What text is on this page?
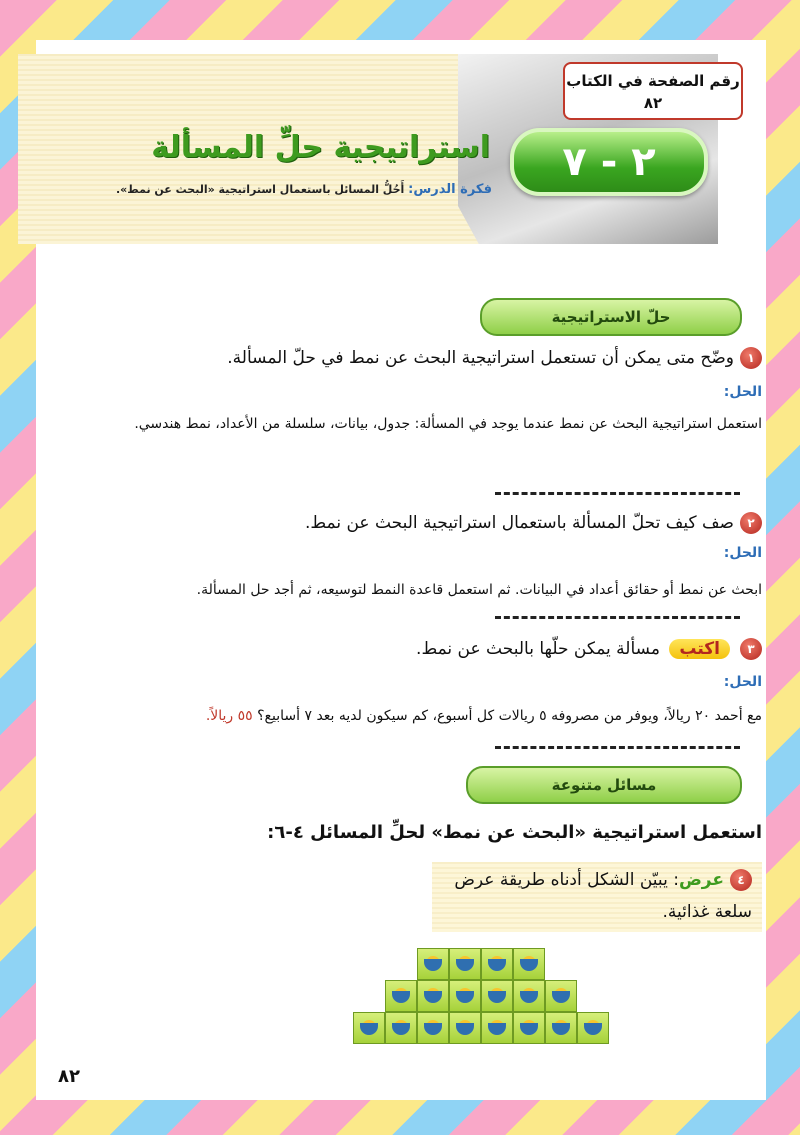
رقم الصفحة في الكتاب
٨٢
٢ - ٧
استراتيجية حلِّ المسألة
فكرة الدرس: أَحُلُّ المسائل باستعمال استراتيجية «البحث عن نمط».
حلّ الاستراتيجية
١وضّح متى يمكن أن تستعمل استراتيجية البحث عن نمط في حلّ المسألة.
الحل:
استعمل استراتيجية البحث عن نمط عندما يوجد في المسألة: جدول، بيانات، سلسلة من الأعداد، نمط هندسي.
٢صف كيف تحلّ المسألة باستعمال استراتيجية البحث عن نمط.
الحل:
ابحث عن نمط أو حقائق أعداد في البيانات. ثم استعمل قاعدة النمط لتوسيعه، ثم أجد حل المسألة.
٣اكتب مسألة يمكن حلّها بالبحث عن نمط.
الحل:
مع أحمد ٢٠ ريالاً، ويوفر من مصروفه ٥ ريالات كل أسبوع، كم سيكون لديه بعد ٧ أسابيع؟ ٥٥ ريالاً.
مسائل متنوعة
استعمل استراتيجية «البحث عن نمط» لحلِّ المسائل ٤-٦:
٤عرض: يبيّن الشكل أدناه طريقة عرض سلعة غذائية.
٨٢
